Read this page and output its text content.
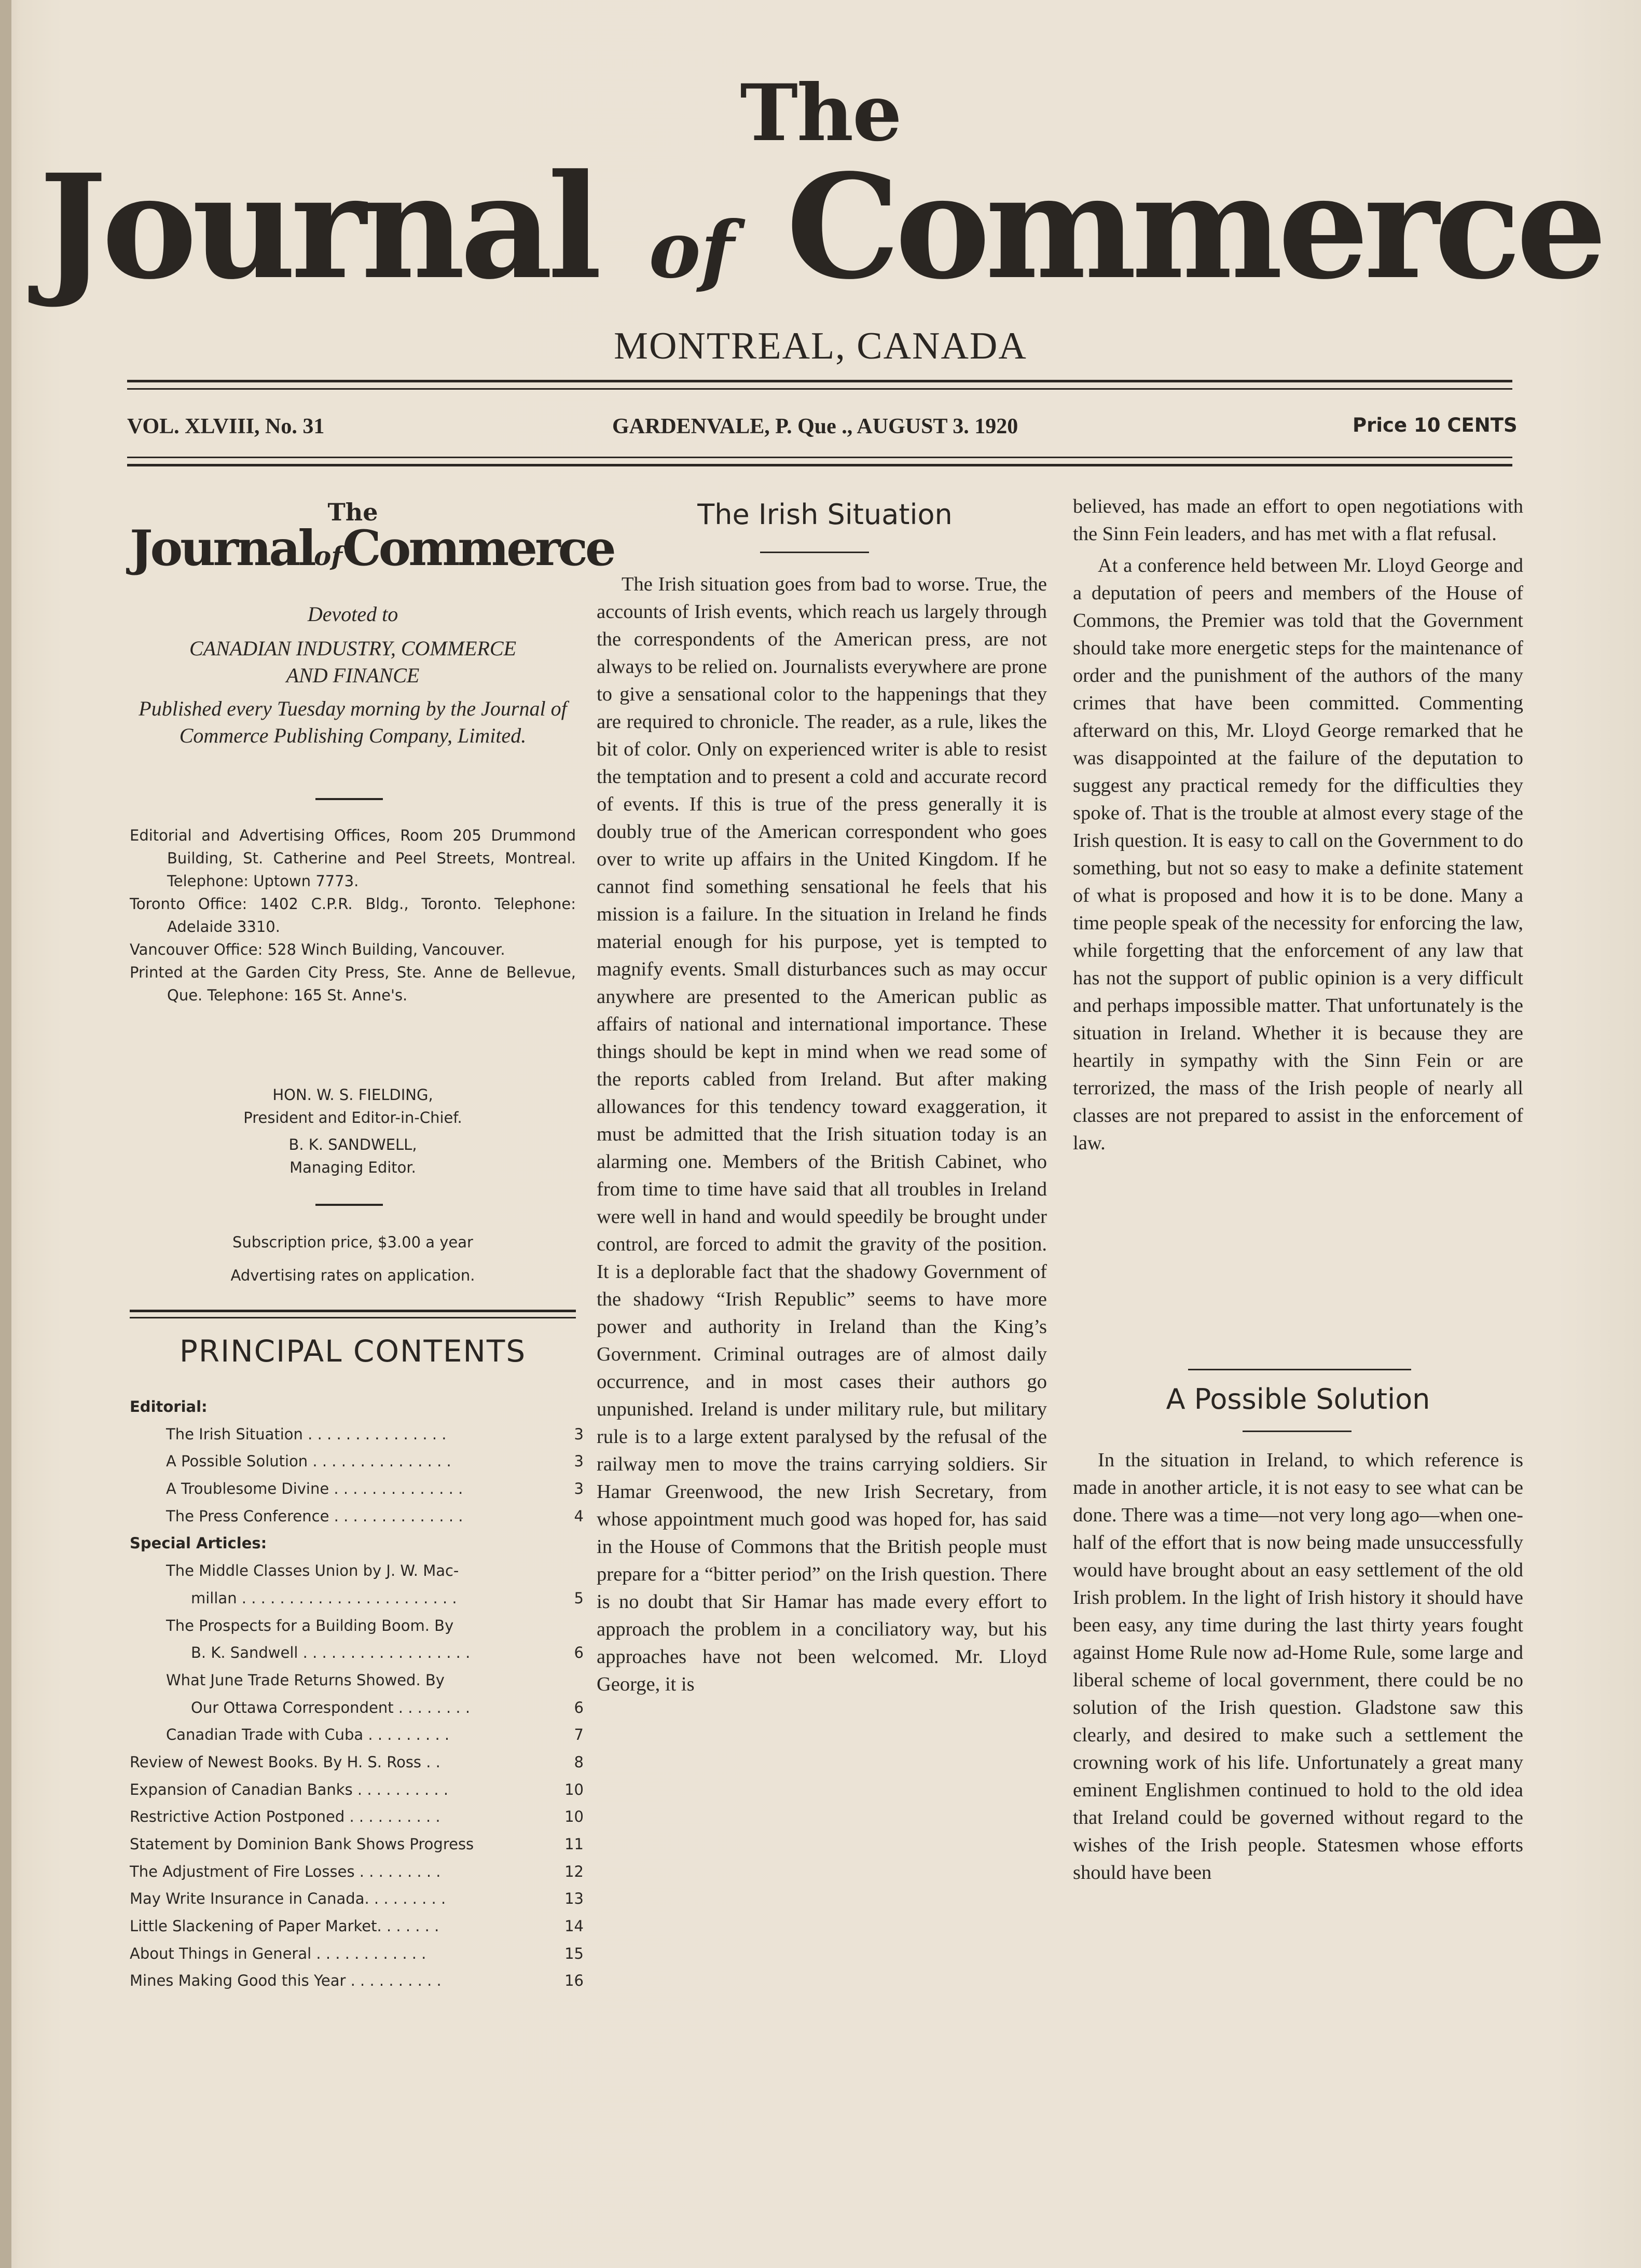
The
Journal of Commerce
MONTREAL, CANADA
VOL. XLVIII, No. 31	GARDENVALE, P. Que ., AUGUST 3. 1920	Price 10 CENTS
The
JournalofCommerce
Devoted to
CANADIAN INDUSTRY, COMMERCE AND FINANCE
Published every Tuesday morning by the Journal of Commerce Publishing Company, Limited.
Editorial and Advertising Offices, Room 205 Drummond Building, St. Catherine and Peel Streets, Montreal. Telephone: Uptown 7773.
Toronto Office: 1402 C.P.R. Bldg., Toronto. Telephone: Adelaide 3310.
Vancouver Office: 528 Winch Building, Vancouver.
Printed at the Garden City Press, Ste. Anne de Bellevue, Que. Telephone: 165 St. Anne's.
HON. W. S. FIELDING,
President and Editor-in-Chief.
B. K. SANDWELL,
Managing Editor.
Subscription price, $3.00 a year
Advertising rates on application.
PRINCIPAL CONTENTS
Editorial:
The Irish Situation . . . . . . . . . . . . . . .	3
A Possible Solution . . . . . . . . . . . . . . .	3
A Troublesome Divine . . . . . . . . . . . . . .	3
The Press Conference . . . . . . . . . . . . . .	4
Special Articles:
The Middle Classes Union by J. W. Mac-
millan . . . . . . . . . . . . . . . . . . . . . . .	5
The Prospects for a Building Boom. By
B. K. Sandwell . . . . . . . . . . . . . . . . . .	6
What June Trade Returns Showed. By
Our Ottawa Correspondent . . . . . . . .	6
Canadian Trade with Cuba . . . . . . . . .	7
Review of Newest Books. By H. S. Ross . .	8
Expansion of Canadian Banks . . . . . . . . . .	10
Restrictive Action Postponed . . . . . . . . . .	10
Statement by Dominion Bank Shows Progress	11
The Adjustment of Fire Losses . . . . . . . . .	12
May Write Insurance in Canada. . . . . . . . .	13
Little Slackening of Paper Market. . . . . . .	14
About Things in General . . . . . . . . . . . .	15
Mines Making Good this Year . . . . . . . . . .	16
The Irish Situation

The Irish situation goes from bad to worse. True, the accounts of Irish events, which reach us largely through the correspondents of the American press, are not always to be relied on. Journalists everywhere are prone to give a sensational color to the happenings that they are required to chronicle. The reader, as a rule, likes the bit of color. Only on experienced writer is able to resist the temptation and to present a cold and accurate record of events. If this is true of the press generally it is doubly true of the American correspondent who goes over to write up affairs in the United Kingdom. If he cannot find something sensational he feels that his mission is a failure. In the situation in Ireland he finds material enough for his purpose, yet is tempted to magnify events. Small disturbances such as may occur anywhere are presented to the American public as affairs of national and international importance. These things should be kept in mind when we read some of the reports cabled from Ireland. But after making allowances for this tendency toward exaggeration, it must be admitted that the Irish situation today is an alarming one. Members of the British Cabinet, who from time to time have said that all troubles in Ireland were well in hand and would speedily be brought under control, are forced to admit the gravity of the position. It is a deplorable fact that the shadowy Government of the shadowy “Irish Republic” seems to have more power and authority in Ireland than the King’s Government. Criminal outrages are of almost daily occurrence, and in most cases their authors go unpunished. Ireland is under military rule, but military rule is to a large extent paralysed by the refusal of the railway men to move the trains carrying soldiers. Sir Hamar Greenwood, the new Irish Secretary, from whose appointment much good was hoped for, has said in the House of Commons that the British people must prepare for a “bitter period” on the Irish question. There is no doubt that Sir Hamar has made every effort to approach the problem in a conciliatory way, but his approaches have not been welcomed. Mr. Lloyd George, it is

believed, has made an effort to open negotiations with the Sinn Fein leaders, and has met with a flat refusal.

At a conference held between Mr. Lloyd George and a deputation of peers and members of the House of Commons, the Premier was told that the Government should take more energetic steps for the maintenance of order and the punishment of the authors of the many crimes that have been committed. Commenting afterward on this, Mr. Lloyd George remarked that he was disappointed at the failure of the deputation to suggest any practical remedy for the difficulties they spoke of. That is the trouble at almost every stage of the Irish question. It is easy to call on the Government to do something, but not so easy to make a definite statement of what is proposed and how it is to be done. Many a time people speak of the necessity for enforcing the law, while forgetting that the enforcement of any law that has not the support of public opinion is a very difficult and perhaps impossible matter. That unfortunately is the situation in Ireland. Whether it is because they are heartily in sympathy with the Sinn Fein or are terrorized, the mass of the Irish people of nearly all classes are not prepared to assist in the enforcement of law.

A Possible Solution

In the situation in Ireland, to which reference is made in another article, it is not easy to see what can be done. There was a time—not very long ago—when one-half of the effort that is now being made unsuccessfully would have brought about an easy settlement of the old Irish problem. In the light of Irish history it should have been easy, any time during the last thirty years fought against Home Rule now ad-Home Rule, some large and liberal scheme of local government, there could be no solution of the Irish question. Gladstone saw this clearly, and desired to make such a settlement the crowning work of his life. Unfortunately a great many eminent Englishmen continued to hold to the old idea that Ireland could be governed without regard to the wishes of the Irish people. Statesmen whose efforts should have been
